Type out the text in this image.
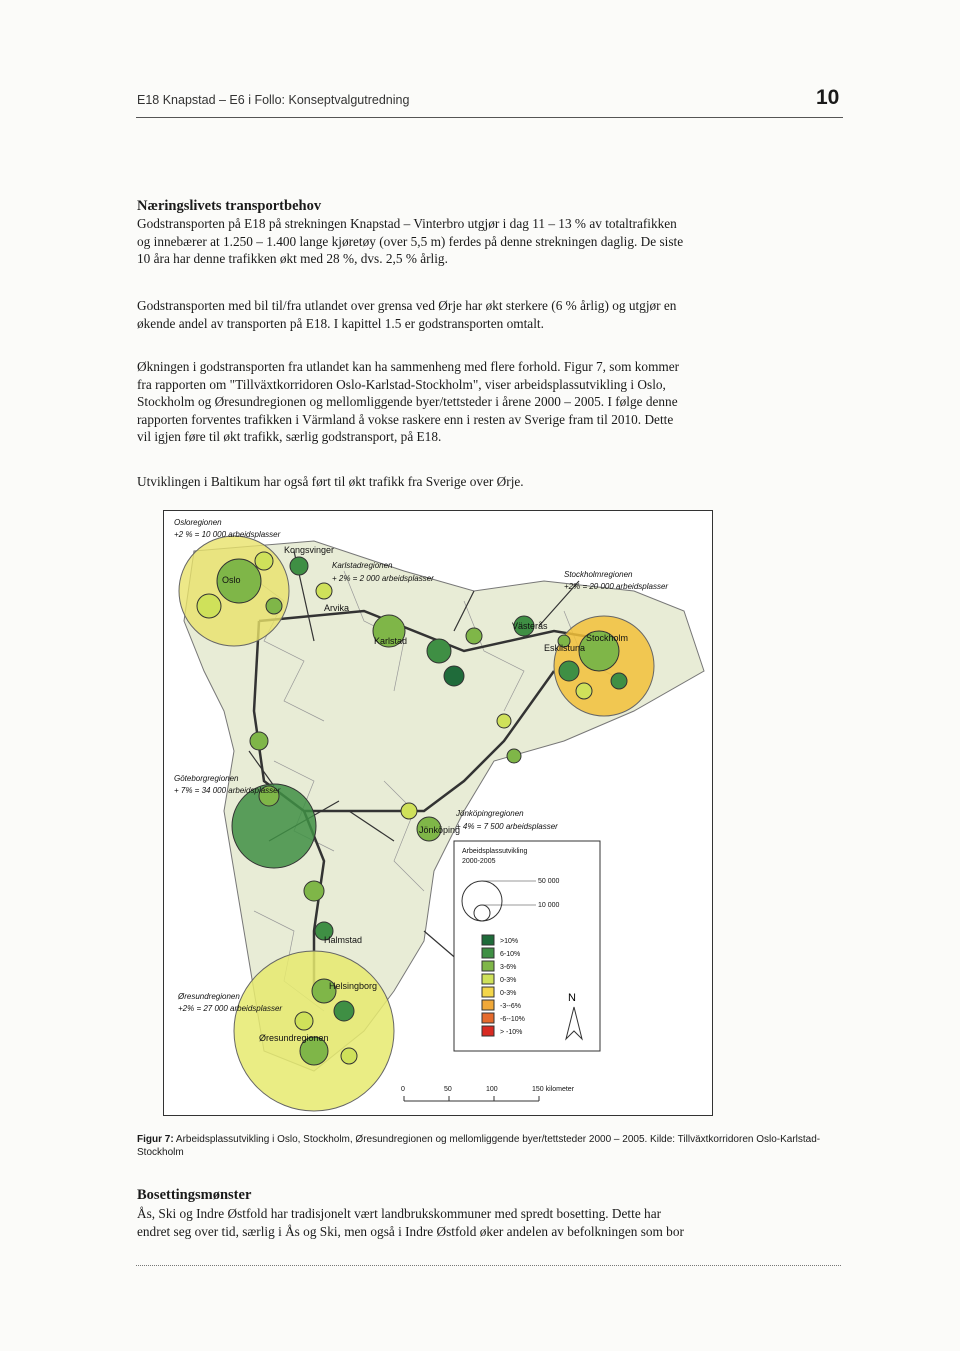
E18 Knapstad – E6 i Follo: Konseptvalgutredning	10
Næringslivets transportbehov

Godstransporten på E18 på strekningen Knapstad – Vinterbro utgjør i dag 11 – 13 % av totaltrafikken
og innebærer at 1.250 – 1.400 lange kjøretøy (over 5,5 m) ferdes på denne strekningen daglig. De siste
10 åra har denne trafikken økt med 28 %, dvs. 2,5 % årlig.

Godstransporten med bil til/fra utlandet over grensa ved Ørje har økt sterkere (6 % årlig) og utgjør en
økende andel av transporten på E18. I kapittel 1.5 er godstransporten omtalt.

Økningen i godstransporten fra utlandet kan ha sammenheng med flere forhold. Figur 7, som kommer
fra rapporten om "Tillväxtkorridoren Oslo-Karlstad-Stockholm", viser arbeidsplassutvikling i Oslo,
Stockholm og Øresundregionen og mellomliggende byer/tettsteder i årene 2000 – 2005. I følge denne
rapporten forventes trafikken i Värmland å vokse raskere enn i resten av Sverige fram til 2010. Dette
vil igjen føre til økt trafikk, særlig godstransport, på E18.

Utviklingen i Baltikum har også ført til økt trafikk fra Sverige over Ørje.

Osloregionen
+2 % = 10 000 arbeidsplasser
Karlstadregionen
+ 2% = 2 000 arbeidsplasser	Stockholmregionen
+2% = 20 000 arbeidsplasser
Göteborgregionen
+ 7% = 34 000 arbeidsplasser
Jönköpingregionen
+ 4% = 7 500 arbeidsplasser
Øresundregionen
+2% = 27 000 arbeidsplasser
Oslo
Kongsvinger
Arvika
Karlstad
Västerås
Stockholm
Eskilstuna
Jönköping
Halmstad
Helsingborg
Øresundregionen
Arbeidsplassutvikling
2000-2005
50 000
10 000
>10%
6-10%
3-6%
0-3%
0-3%
-3--6%
-6--10%
> -10%
N
0	50	100	150 kilometer
Figur 7: Arbeidsplassutvikling i Oslo, Stockholm, Øresundregionen og mellomliggende byer/tettsteder 2000 – 2005. Kilde: Tillväxtkorridoren Oslo-Karlstad-Stockholm
Bosettingsmønster

Ås, Ski og Indre Østfold har tradisjonelt vært landbrukskommuner med spredt bosetting. Dette har
endret seg over tid, særlig i Ås og Ski, men også i Indre Østfold øker andelen av befolkningen som bor
